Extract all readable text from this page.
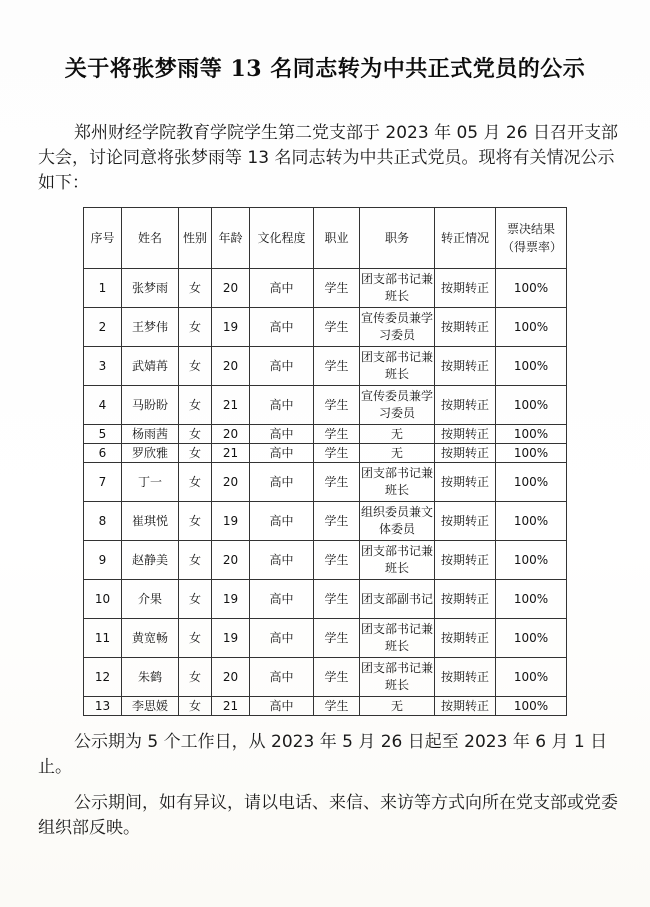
关于将张梦雨等 13 名同志转为中共正式党员的公示
郑州财经学院教育学院学生第二党支部于 2023 年 05 月 26 日召开支部大会，讨论同意将张梦雨等 13 名同志转为中共正式党员。现将有关情况公示如下：
序号	姓名	性别	年龄	文化程度	职业	职务	转正情况	票决结果（得票率）
1	张梦雨	女	20	高中	学生	团支部书记兼班长	按期转正	100%
2	王梦伟	女	19	高中	学生	宣传委员兼学习委员	按期转正	100%
3	武婧苒	女	20	高中	学生	团支部书记兼班长	按期转正	100%
4	马盼盼	女	21	高中	学生	宣传委员兼学习委员	按期转正	100%
5	杨雨茜	女	20	高中	学生	无	按期转正	100%
6	罗欣雅	女	21	高中	学生	无	按期转正	100%
7	丁一	女	20	高中	学生	团支部书记兼班长	按期转正	100%
8	崔琪悦	女	19	高中	学生	组织委员兼文体委员	按期转正	100%
9	赵静美	女	20	高中	学生	团支部书记兼班长	按期转正	100%
10	介果	女	19	高中	学生	团支部副书记	按期转正	100%
11	黄宽畅	女	19	高中	学生	团支部书记兼班长	按期转正	100%
12	朱鹤	女	20	高中	学生	团支部书记兼班长	按期转正	100%
13	李思媛	女	21	高中	学生	无	按期转正	100%
公示期为 5 个工作日，从 2023 年 5 月 26 日起至 2023 年 6 月 1 日止。
公示期间，如有异议，请以电话、来信、来访等方式向所在党支部或党委组织部反映。
